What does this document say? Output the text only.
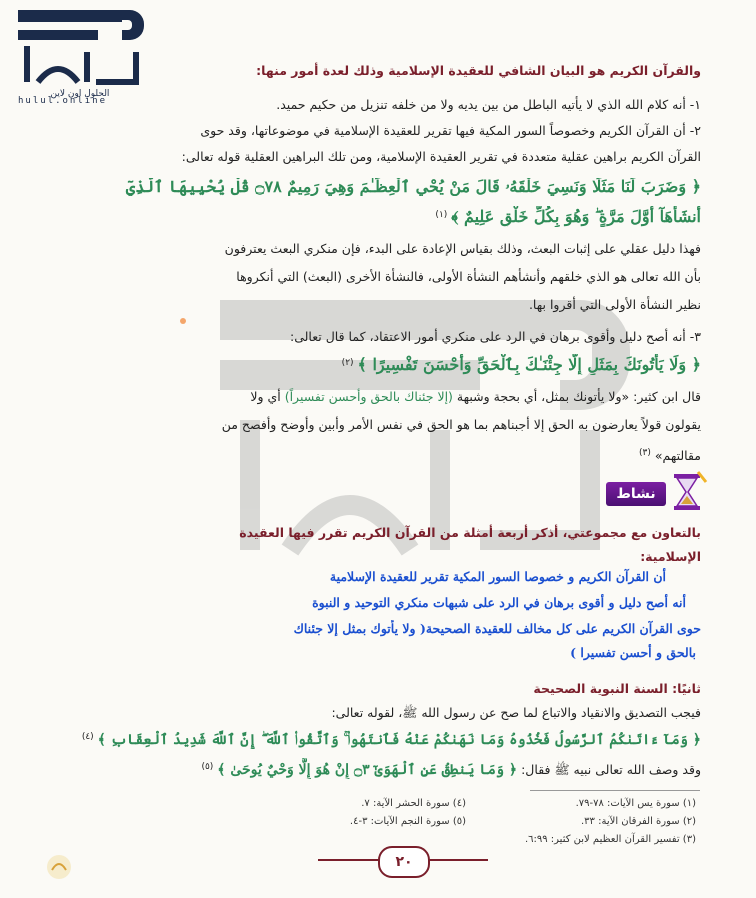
الحلول اون لاين
hulul.online
والقرآن الكريم هو البيان الشافي للعقيدة الإسلامية وذلك لعدة أمور منها:
١- أنه كلام الله الذي لا يأتيه الباطل من بين يديه ولا من خلفه تنزيل من حكيم حميد.
٢- أن القرآن الكريم وخصوصاً السور المكية فيها تقرير للعقيدة الإسلامية في موضوعاتها، وقد حوى
القرآن الكريم براهين عقلية متعددة في تقرير العقيدة الإسلامية، ومن تلك البراهين العقلية قوله تعالى:
﴿ وَضَرَبَ لَنَا مَثَلًا وَنَسِيَ خَلْقَهُۥ قَالَ مَنْ يُحْيِ ٱلْعِظَـٰمَ وَهِيَ رَمِيمٌ ۝٧٨ قُلْ يُحْيِيهَا ٱلَّذِيٓ
أَنشَأَهَآ أَوَّلَ مَرَّةٍ ۖ وَهُوَ بِكُلِّ خَلْقٍ عَلِيمٌ ﴾ $^{(١)}$
فهذا دليل عقلي على إثبات البعث، وذلك بقياس الإعادة على البدء، فإن منكري البعث يعترفون
بأن الله تعالى هو الذي خلقهم وأنشأهم النشأة الأولى، فالنشأة الأخرى (البعث) التي أنكروها
نظير النشأة الأولى التي أقروا بها.
٣- أنه أصح دليل وأقوى برهان في الرد على منكري أمور الاعتقاد، كما قال تعالى:
﴿ وَلَا يَأْتُونَكَ بِمَثَلٍ إِلَّا جِئْنَـٰكَ بِٱلْحَقِّ وَأَحْسَنَ تَفْسِيرًا ﴾ $^{(٢)}$
قال ابن كثير: «ولا يأتونك بمثل، أي بحجة وشبهة (إلا جئناك بالحق وأحسن تفسيراً) أي ولا
يقولون قولاً يعارضون به الحق إلا أجبناهم بما هو الحق في نفس الأمر وأبين وأوضح وأفصح من
مقالتهم» $^{(٣)}$
نشاط
بالتعاون مع مجموعتي، أذكر أربعة أمثلة من القرآن الكريم تقرر فيها العقيدة
الإسلامية:
أن القرآن الكريم و خصوصا السور المكية تقرير للعقيدة الإسلامية
أنه أصح دليل و أقوى برهان في الرد على شبهات منكري التوحيد و النبوة
حوى القرآن الكريم على كل مخالف للعقيدة الصحيحة( ولا يأتوك بمثل إلا جئناك
بالحق و أحسن تفسيرا )
ثانيًا: السنة النبوية الصحيحة
فيجب التصديق والانقياد والاتباع لما صح عن رسول الله ﷺ، لقوله تعالى:
﴿ وَمَآ ءَاتَىٰكُمُ ٱلرَّسُولُ فَخُذُوهُ وَمَا نَهَىٰكُمْ عَنْهُ فَٱنتَهُوا۟ ۚ وَٱتَّقُوا۟ ٱللَّهَ ۖ إِنَّ ٱللَّهَ شَدِيدُ ٱلْعِقَابِ ﴾ $^{(٤)}$
وقد وصف الله تعالى نبيه ﷺ فقال: ﴿ وَمَا يَنطِقُ عَنِ ٱلْهَوَىٰٓ ۝٣ إِنْ هُوَ إِلَّا وَحْيٌ يُوحَىٰ ﴾ $^{(٥)}$
(١) سورة يس الآيات: ٧٨-٧٩.
(٢) سورة الفرقان الآية: ٣٣.
(٣) تفسير القرآن العظيم لابن كثير: ٦:٩٩.
(٤) سورة الحشر الآية: ٧.
(٥) سورة النجم الآيات: ٣-٤.
٢٠
